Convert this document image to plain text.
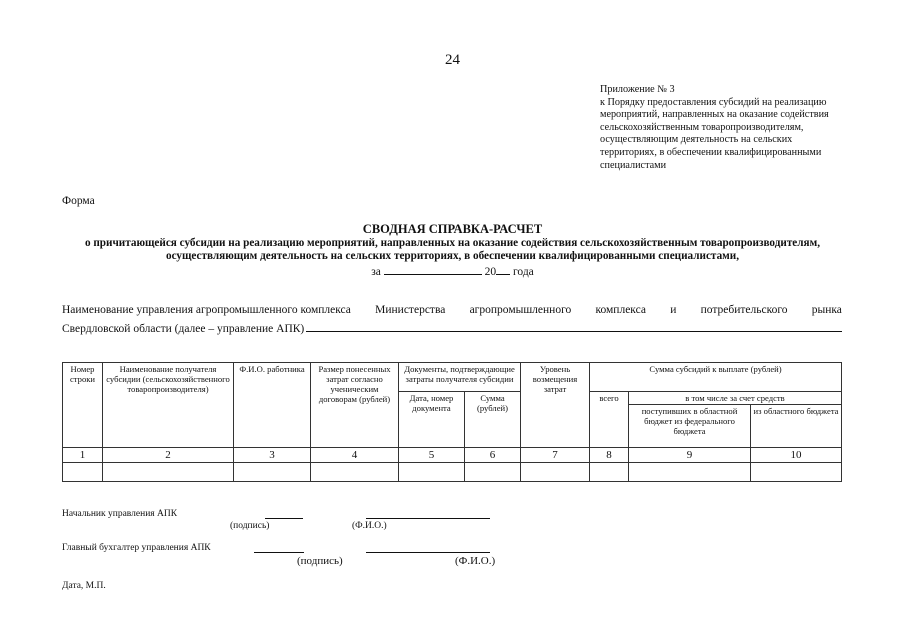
24
Приложение № 3
к Порядку предоставления субсидий на реализацию
мероприятий, направленных на оказание содействия
сельскохозяйственным товаропроизводителям,
осуществляющим деятельность на сельских
территориях, в обеспечении квалифицированными
специалистами
Форма
СВОДНАЯ СПРАВКА-РАСЧЕТ
о причитающейся субсидии на реализацию мероприятий, направленных на оказание содействия сельскохозяйственным товаропроизводителям,
осуществляющим деятельность на сельских территориях, в обеспечении квалифицированными специалистами,
за	20 года
Наименование управления агропромышленного комплекса Министерства агропромышленного комплекса и потребительского рынка
Свердловской области (далее – управление АПК)
Номер строки	Наименование получателя субсидии (сельскохозяйственного товаропроизводителя)	Ф.И.О. работника	Размер понесенных затрат согласно ученическим договорам (рублей)	Документы, подтверждающие затраты получателя субсидии		Уровень возмещения затрат	Сумма субсидий к выплате (рублей)		
				Дата, номер документа	Сумма (рублей)		всего	в том числе за счет средств	
								поступивших в областной бюджет из федерального бюджета	из областного бюджета
1	2	3	4	5	6	7	8	9	10

Начальник управления АПК
(подпись)	(Ф.И.О.)
Главный бухгалтер управления АПК
(подпись)	(Ф.И.О.)
Дата, М.П.
